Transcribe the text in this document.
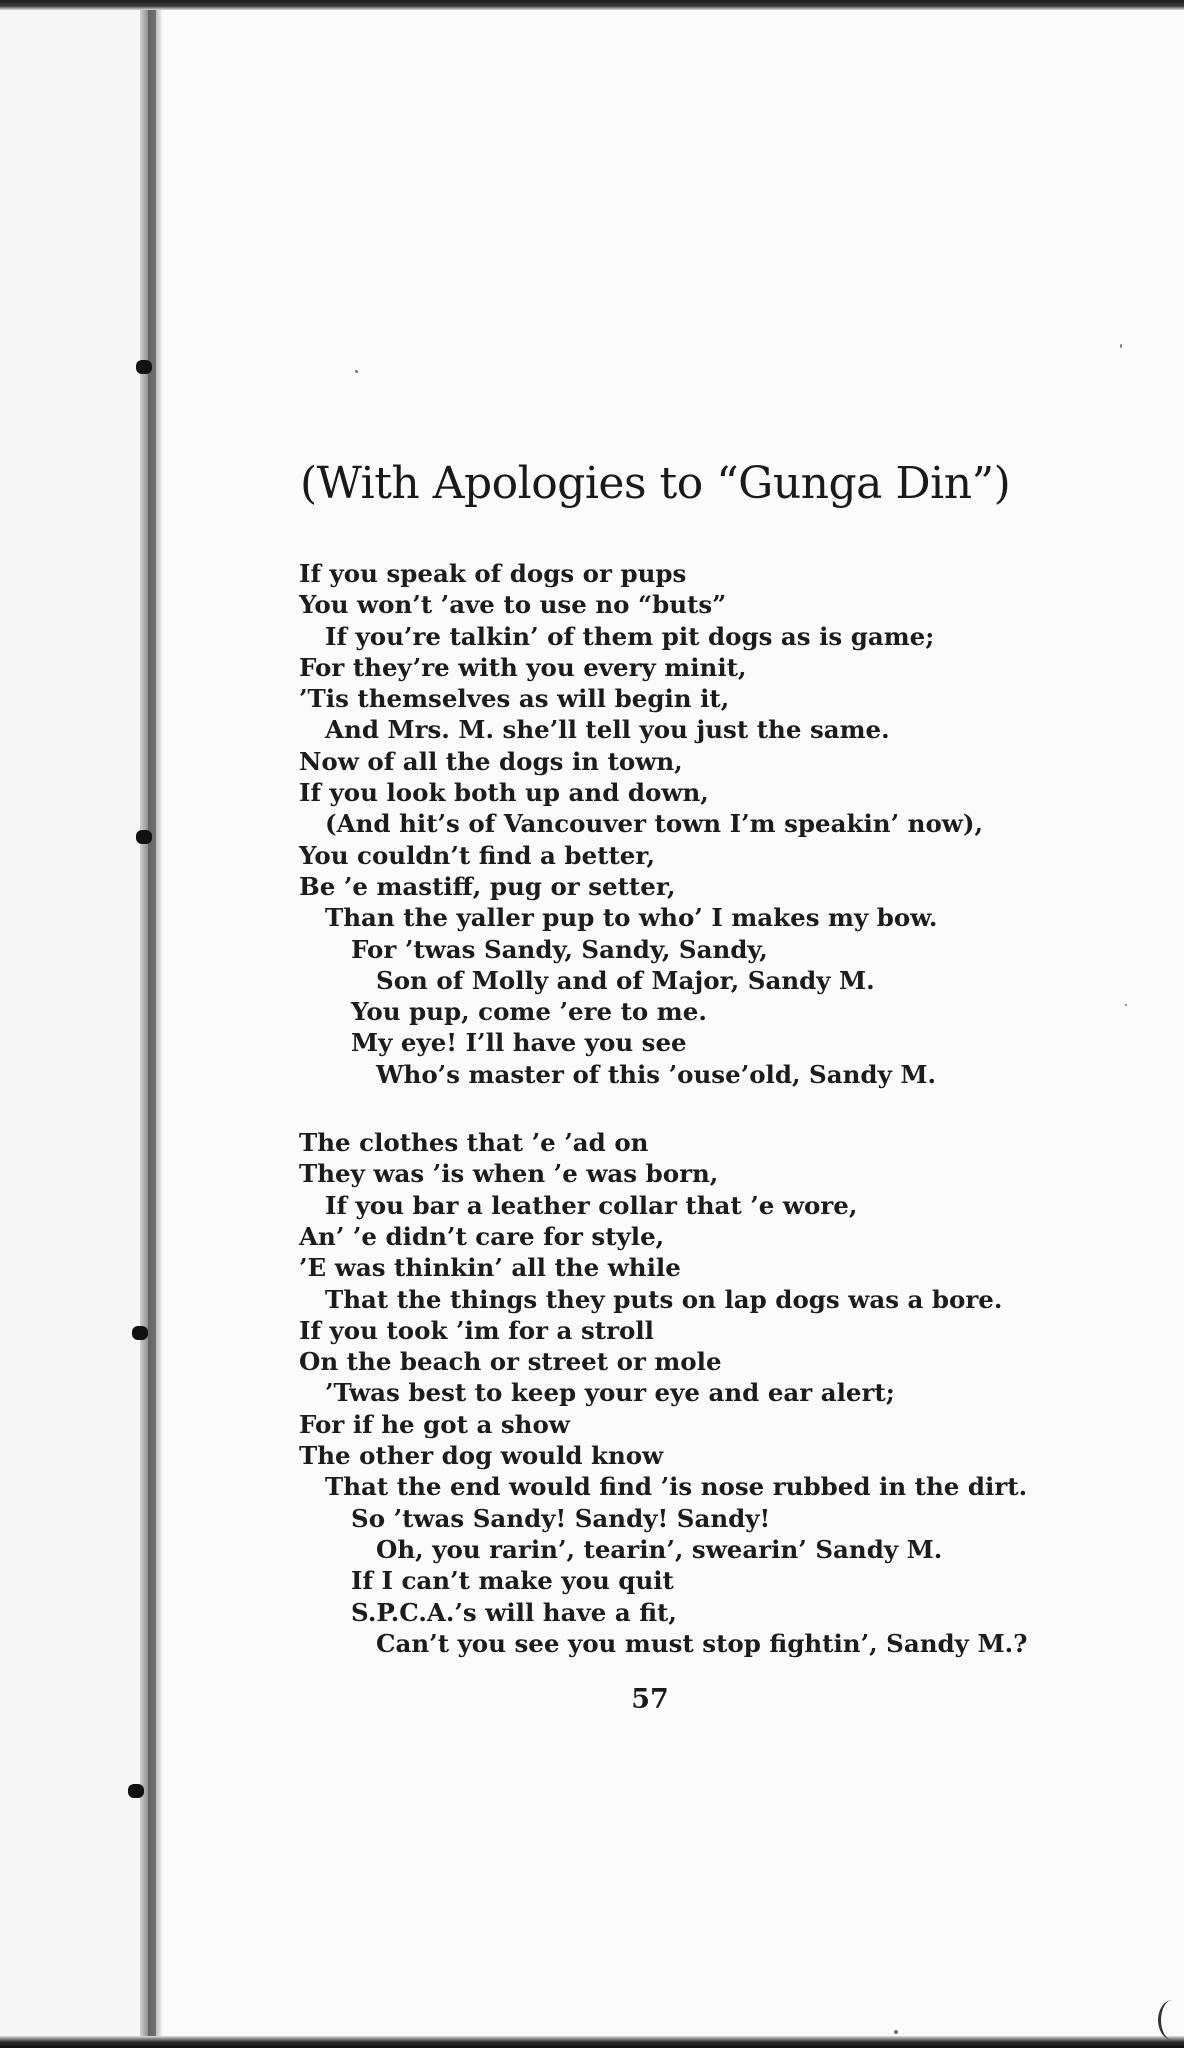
(With Apologies to “Gunga Din”)
If you speak of dogs or pups
You won’t ’ave to use no “buts”
If you’re talkin’ of them pit dogs as is game;
For they’re with you every minit,
’Tis themselves as will begin it,
And Mrs. M. she’ll tell you just the same.
Now of all the dogs in town,
If you look both up and down,
(And hit’s of Vancouver town I’m speakin’ now),
You couldn’t find a better,
Be ’e mastiff, pug or setter,
Than the yaller pup to who’ I makes my bow.
For ’twas Sandy, Sandy, Sandy,
Son of Molly and of Major, Sandy M.
You pup, come ’ere to me.
My eye! I’ll have you see
Who’s master of this ’ouse’old, Sandy M.
The clothes that ’e ’ad on
They was ’is when ’e was born,
If you bar a leather collar that ’e wore,
An’ ’e didn’t care for style,
’E was thinkin’ all the while
That the things they puts on lap dogs was a bore.
If you took ’im for a stroll
On the beach or street or mole
’Twas best to keep your eye and ear alert;
For if he got a show
The other dog would know
That the end would find ’is nose rubbed in the dirt.
So ’twas Sandy! Sandy! Sandy!
Oh, you rarin’, tearin’, swearin’ Sandy M.
If I can’t make you quit
S.P.C.A.’s will have a fit,
Can’t you see you must stop fightin’, Sandy M.?
57
